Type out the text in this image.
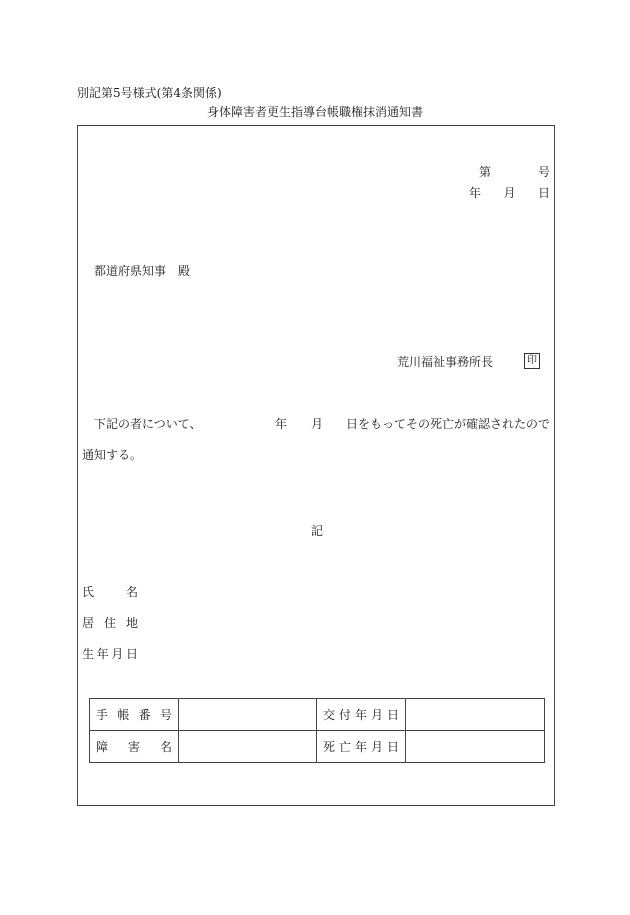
別記第5号様式(第4条関係)
身体障害者更生指導台帳職権抹消通知書
第	号
年 月 日
都道府県知事　殿
荒川福祉事務所長	印
下記の者について、	年 月 日をもってその死亡が確認されたので
通知する。
記
氏	名
居 住 地
生 年 月 日
手 帳 番 号		交 付 年 月 日	

障 害 名		死 亡 年 月 日	
